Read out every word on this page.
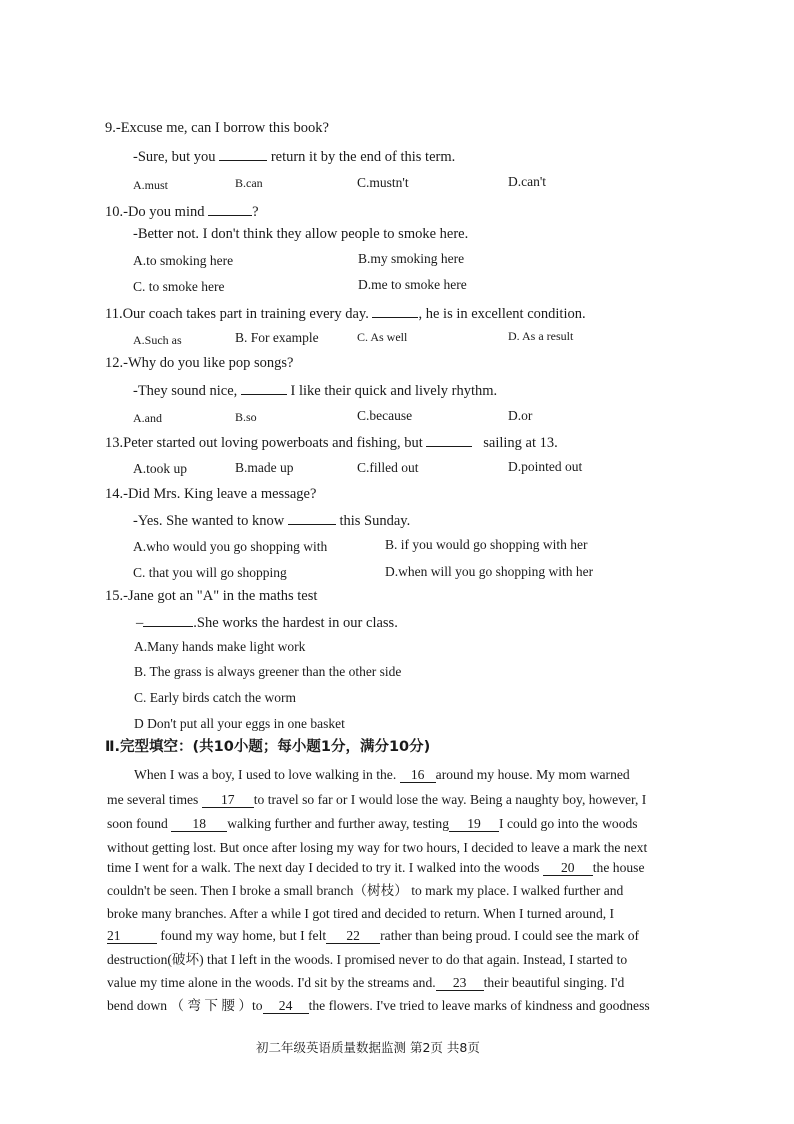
9.-Excuse me, can I borrow this book?
-Sure, but you	return it by the end of this term.
A.must	B.can	C.mustn't	D.can't
10.-Do you mind	?
-Better not. I don't think they allow people to smoke here.
A.to smoking here	B.my smoking here
C. to smoke here	D.me to smoke here
11.Our coach takes part in training every day.	, he is in excellent condition.
A.Such as	B. For example	C. As well	D. As a result
12.-Why do you like pop songs?
-They sound nice,	I like their quick and lively rhythm.
A.and	B.so	C.because	D.or
13.Peter started out loving powerboats and fishing, but	sailing at 13.
A.took up	B.made up	C.filled out	D.pointed out
14.-Did Mrs. King leave a message?
-Yes. She wanted to know	this Sunday.
A.who would you go shopping with	B. if you would go shopping with her
C. that you will go shopping	D.when will you go shopping with her
15.-Jane got an "A" in the maths test
–	.She works the hardest in our class.
A.Many hands make light work
B. The grass is always greener than the other side
C. Early birds catch the worm
D Don't put all your eggs in one basket
Ⅱ.完型填空：(共10小题；每小题1分，满分10分)
When I was a boy, I used to love walking in the. 16 around my house. My mom warned
me several times 17 to travel so far or I would lose the way. Being a naughty boy, however, I
soon found 18 walking further and further away, testing 19 I could go into the woods
without getting lost. But once after losing my way for two hours, I decided to leave a mark the next
time I went for a walk. The next day I decided to try it. I walked into the woods 20 the house
couldn't be seen. Then I broke a small branch（树枝） to mark my place. I walked further and
broke many branches. After a while I got tired and decided to return. When I turned around, I
21	found my way home, but I felt 22 rather than being proud. I could see the mark of
destruction(破坏) that I left in the woods. I promised never to do that again. Instead, I started to
value my time alone in the woods. I'd sit by the streams and. 23 their beautiful singing. I'd
bend down （ 弯 下 腰 ）to 24 the flowers. I've tried to leave marks of kindness and goodness
初二年级英语质量数据监测 第2页 共8页
